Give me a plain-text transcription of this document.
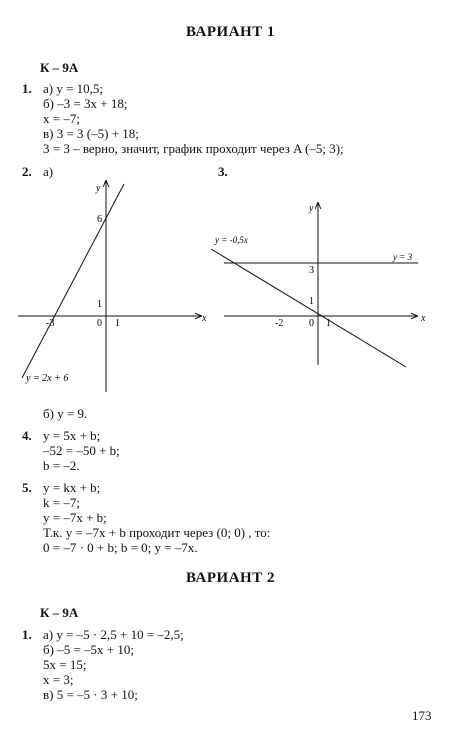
ВАРИАНТ 1
К – 9А
1. а) y = 10,5;
б) –3 = 3x + 18;
x = –7;
в) 3 = 3 (–5) + 18;
3 = 3 – верно, значит, график проходит через A (–5; 3);
2. а)	3.
x
y
6
1
-3	0 1
y = 2x + 6
x
y
y = -0,5x
y = 3
3
1
-2	0 1
б) y = 9.
4. y = 5x + b;
–52 = –50 + b;
b = –2.
5. y = kx + b;
k = –7;
y = –7x + b;
Т.к. y = –7x + b проходит через (0; 0) , то:
0 = –7 · 0 + b; b = 0; y = –7x.
ВАРИАНТ 2
К – 9А
1. а) y = –5 · 2,5 + 10 = –2,5;
б) –5 = –5x + 10;
5x = 15;
x = 3;
в) 5 = –5 · 3 + 10;
173
